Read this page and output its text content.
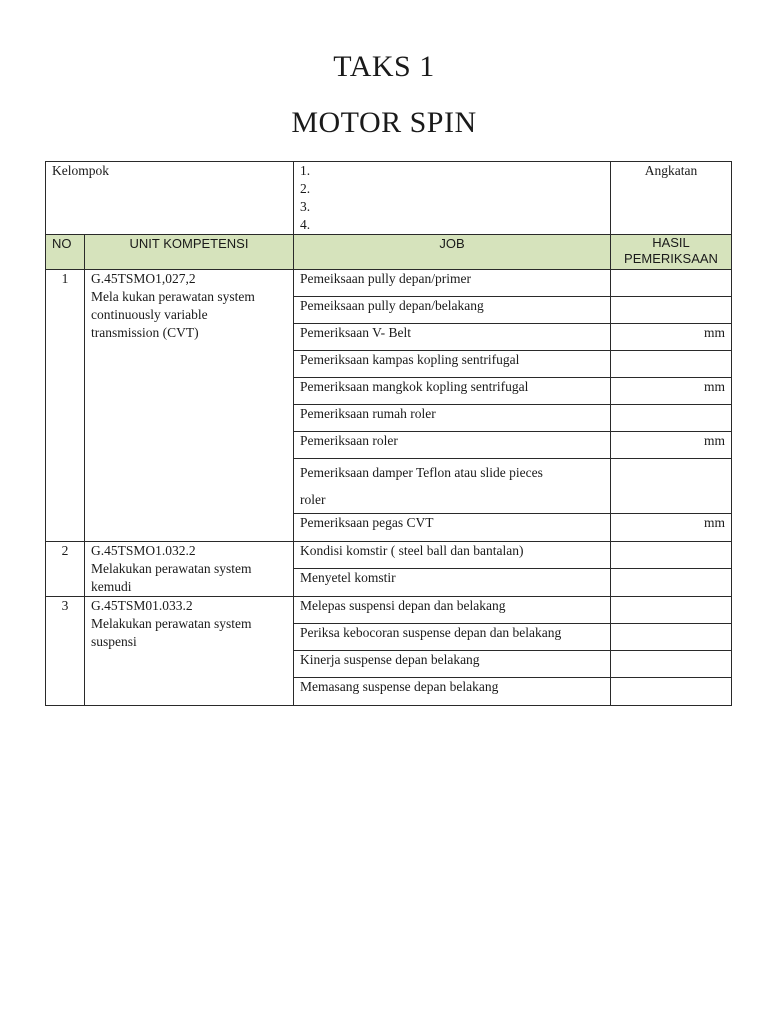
TAKS 1
MOTOR SPIN
Kelompok		1.
2.
3.
4.	Angkatan
NO	UNIT KOMPETENSI	JOB	HASIL
PEMERIKSAAN

1	G.45TSMO1,027,2
Mela kukan perawatan system
continuously variable
transmission (CVT)	Pemeiksaan pully depan/primer	
		Pemeiksaan pully depan/belakang	
		Pemeriksaan V- Belt	mm
		Pemeriksaan kampas kopling sentrifugal	
		Pemeriksaan mangkok kopling sentrifugal	mm
		Pemeriksaan rumah roler	
		Pemeriksaan roler	mm

		Pemeriksaan damper Teflon atau slide pieces
roler	

		Pemeriksaan pegas CVT	mm
2	G.45TSMO1.032.2
Melakukan perawatan system
kemudi	Kondisi komstir ( steel ball dan bantalan)	
		Menyetel komstir	
3	G.45TSM01.033.2
Melakukan perawatan system
suspensi	Melepas suspensi depan dan belakang	
		Periksa kebocoran suspense depan dan belakang	
		Kinerja suspense depan belakang	
		Memasang suspense depan belakang	
